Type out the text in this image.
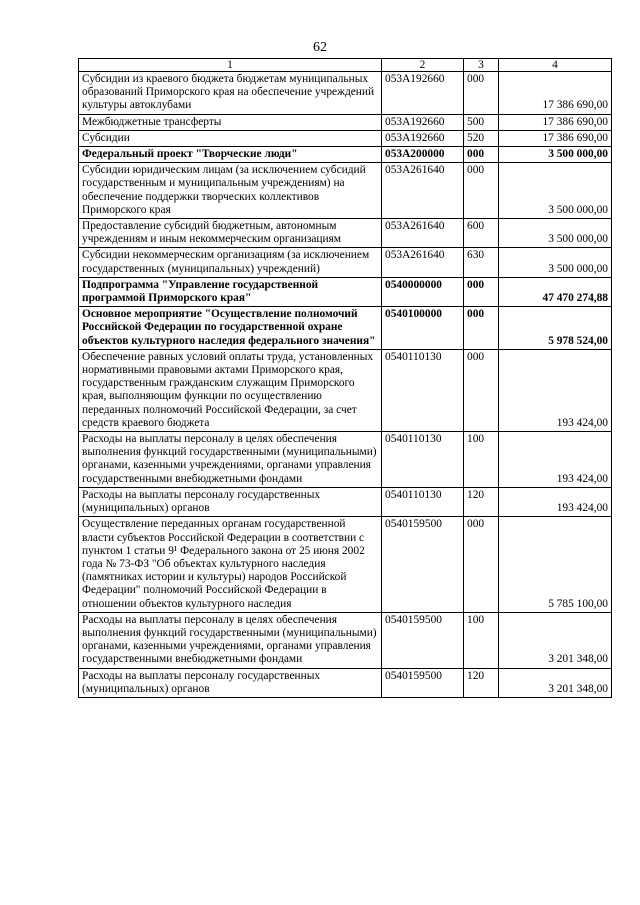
62
1	2	3	4
Субсидии из краевого бюджета бюджетам муниципальных образований Приморского края на обеспечение учреждений культуры автоклубами	053A192660	000	17 386 690,00
Межбюджетные трансферты	053A192660	500	17 386 690,00
Субсидии	053A192660	520	17 386 690,00
Федеральный проект "Творческие люди"	053A200000	000	3 500 000,00
Субсидии юридическим лицам (за исключением субсидий государственным и муниципальным учреждениям) на обеспечение поддержки творческих коллективов Приморского края	053A261640	000	3 500 000,00
Предоставление субсидий бюджетным, автономным учреждениям и иным некоммерческим организациям	053A261640	600	3 500 000,00
Субсидии некоммерческим организациям (за исключением государственных (муниципальных) учреждений)	053A261640	630	3 500 000,00
Подпрограмма "Управление государственной программой Приморского края"	0540000000	000	47 470 274,88
Основное мероприятие "Осуществление полномочий Российской Федерации по государственной охране объектов культурного наследия федерального значения"	0540100000	000	5 978 524,00
Обеспечение равных условий оплаты труда, установленных нормативными правовыми актами Приморского края, государственным гражданским служащим Приморского края, выполняющим функции по осуществлению переданных полномочий Российской Федерации, за счет средств краевого бюджета	0540110130	000	193 424,00
Расходы на выплаты персоналу в целях обеспечения выполнения функций государственными (муниципальными) органами, казенными учреждениями, органами управления государственными внебюджетными фондами	0540110130	100	193 424,00
Расходы на выплаты персоналу государственных (муниципальных) органов	0540110130	120	193 424,00
Осуществление переданных органам государственной власти субъектов Российской Федерации в соответствии с пунктом 1 статьи 9¹ Федерального закона от 25 июня 2002 года № 73-ФЗ "Об объектах культурного наследия (памятниках истории и культуры) народов Российской Федерации" полномочий Российской Федерации в отношении объектов культурного наследия	0540159500	000	5 785 100,00
Расходы на выплаты персоналу в целях обеспечения выполнения функций государственными (муниципальными) органами, казенными учреждениями, органами управления государственными внебюджетными фондами	0540159500	100	3 201 348,00
Расходы на выплаты персоналу государственных (муниципальных) органов	0540159500	120	3 201 348,00
